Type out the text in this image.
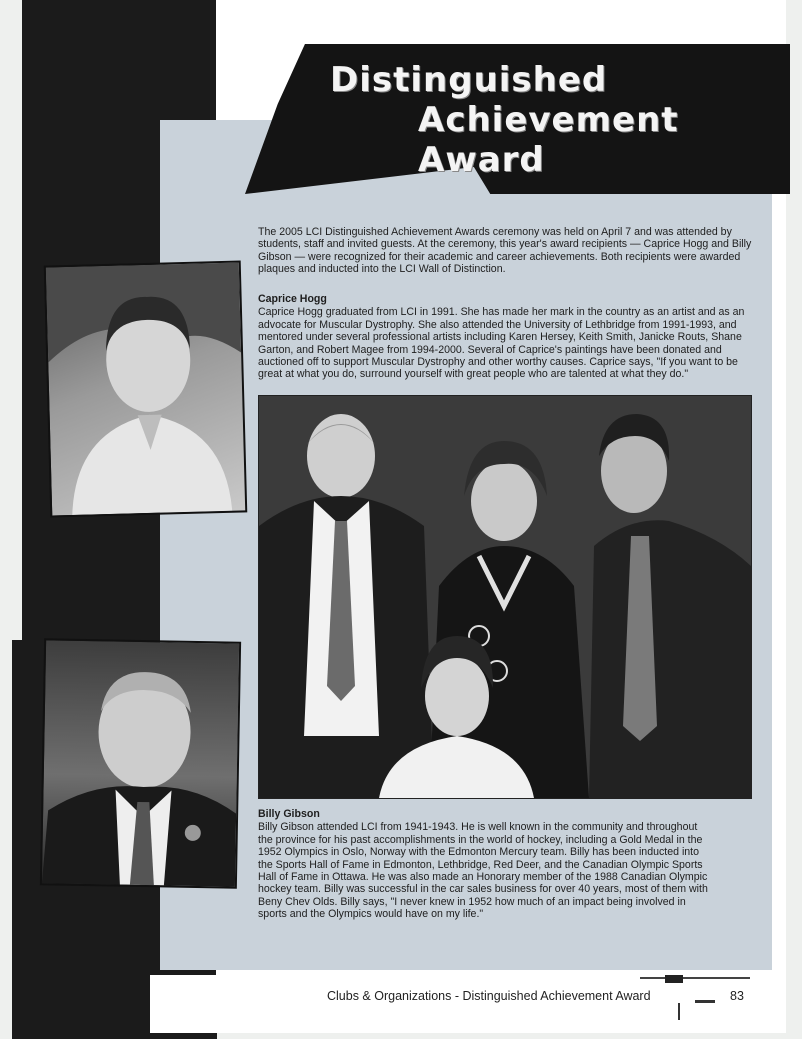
Distinguished
Achievement Award

The 2005 LCI Distinguished Achievement Awards ceremony was held on April 7 and was attended by students, staff and invited guests. At the ceremony, this year's award recipients — Caprice Hogg and Billy Gibson — were recognized for their academic and career achievements. Both recipients were awarded plaques and inducted into the LCI Wall of Distinction.

Caprice Hogg

Caprice Hogg graduated from LCI in 1991. She has made her mark in the country as an artist and as an advocate for Muscular Dystrophy. She also attended the University of Lethbridge from 1991-1993, and mentored under several professional artists including Karen Hersey, Keith Smith, Janicke Routs, Shane Garton, and Robert Magee from 1994-2000. Several of Caprice's paintings have been donated and auctioned off to support Muscular Dystrophy and other worthy causes. Caprice says, "If you want to be great at what you do, surround yourself with great people who are talented at what they do."

Billy Gibson

Billy Gibson attended LCI from 1941-1943. He is well known in the community and throughout the province for his past accomplishments in the world of hockey, including a Gold Medal in the 1952 Olympics in Oslo, Norway with the Edmonton Mercury team. Billy has been inducted into the Sports Hall of Fame in Edmonton, Lethbridge, Red Deer, and the Canadian Olympic Sports Hall of Fame in Ottawa. He was also made an Honorary member of the 1988 Canadian Olympic hockey team. Billy was successful in the car sales business for over 40 years, most of them with Beny Chev Olds. Billy says, "I never knew in 1952 how much of an impact being involved in sports and the Olympics would have on my life."

Clubs & Organizations - Distinguished Achievement Award	83
